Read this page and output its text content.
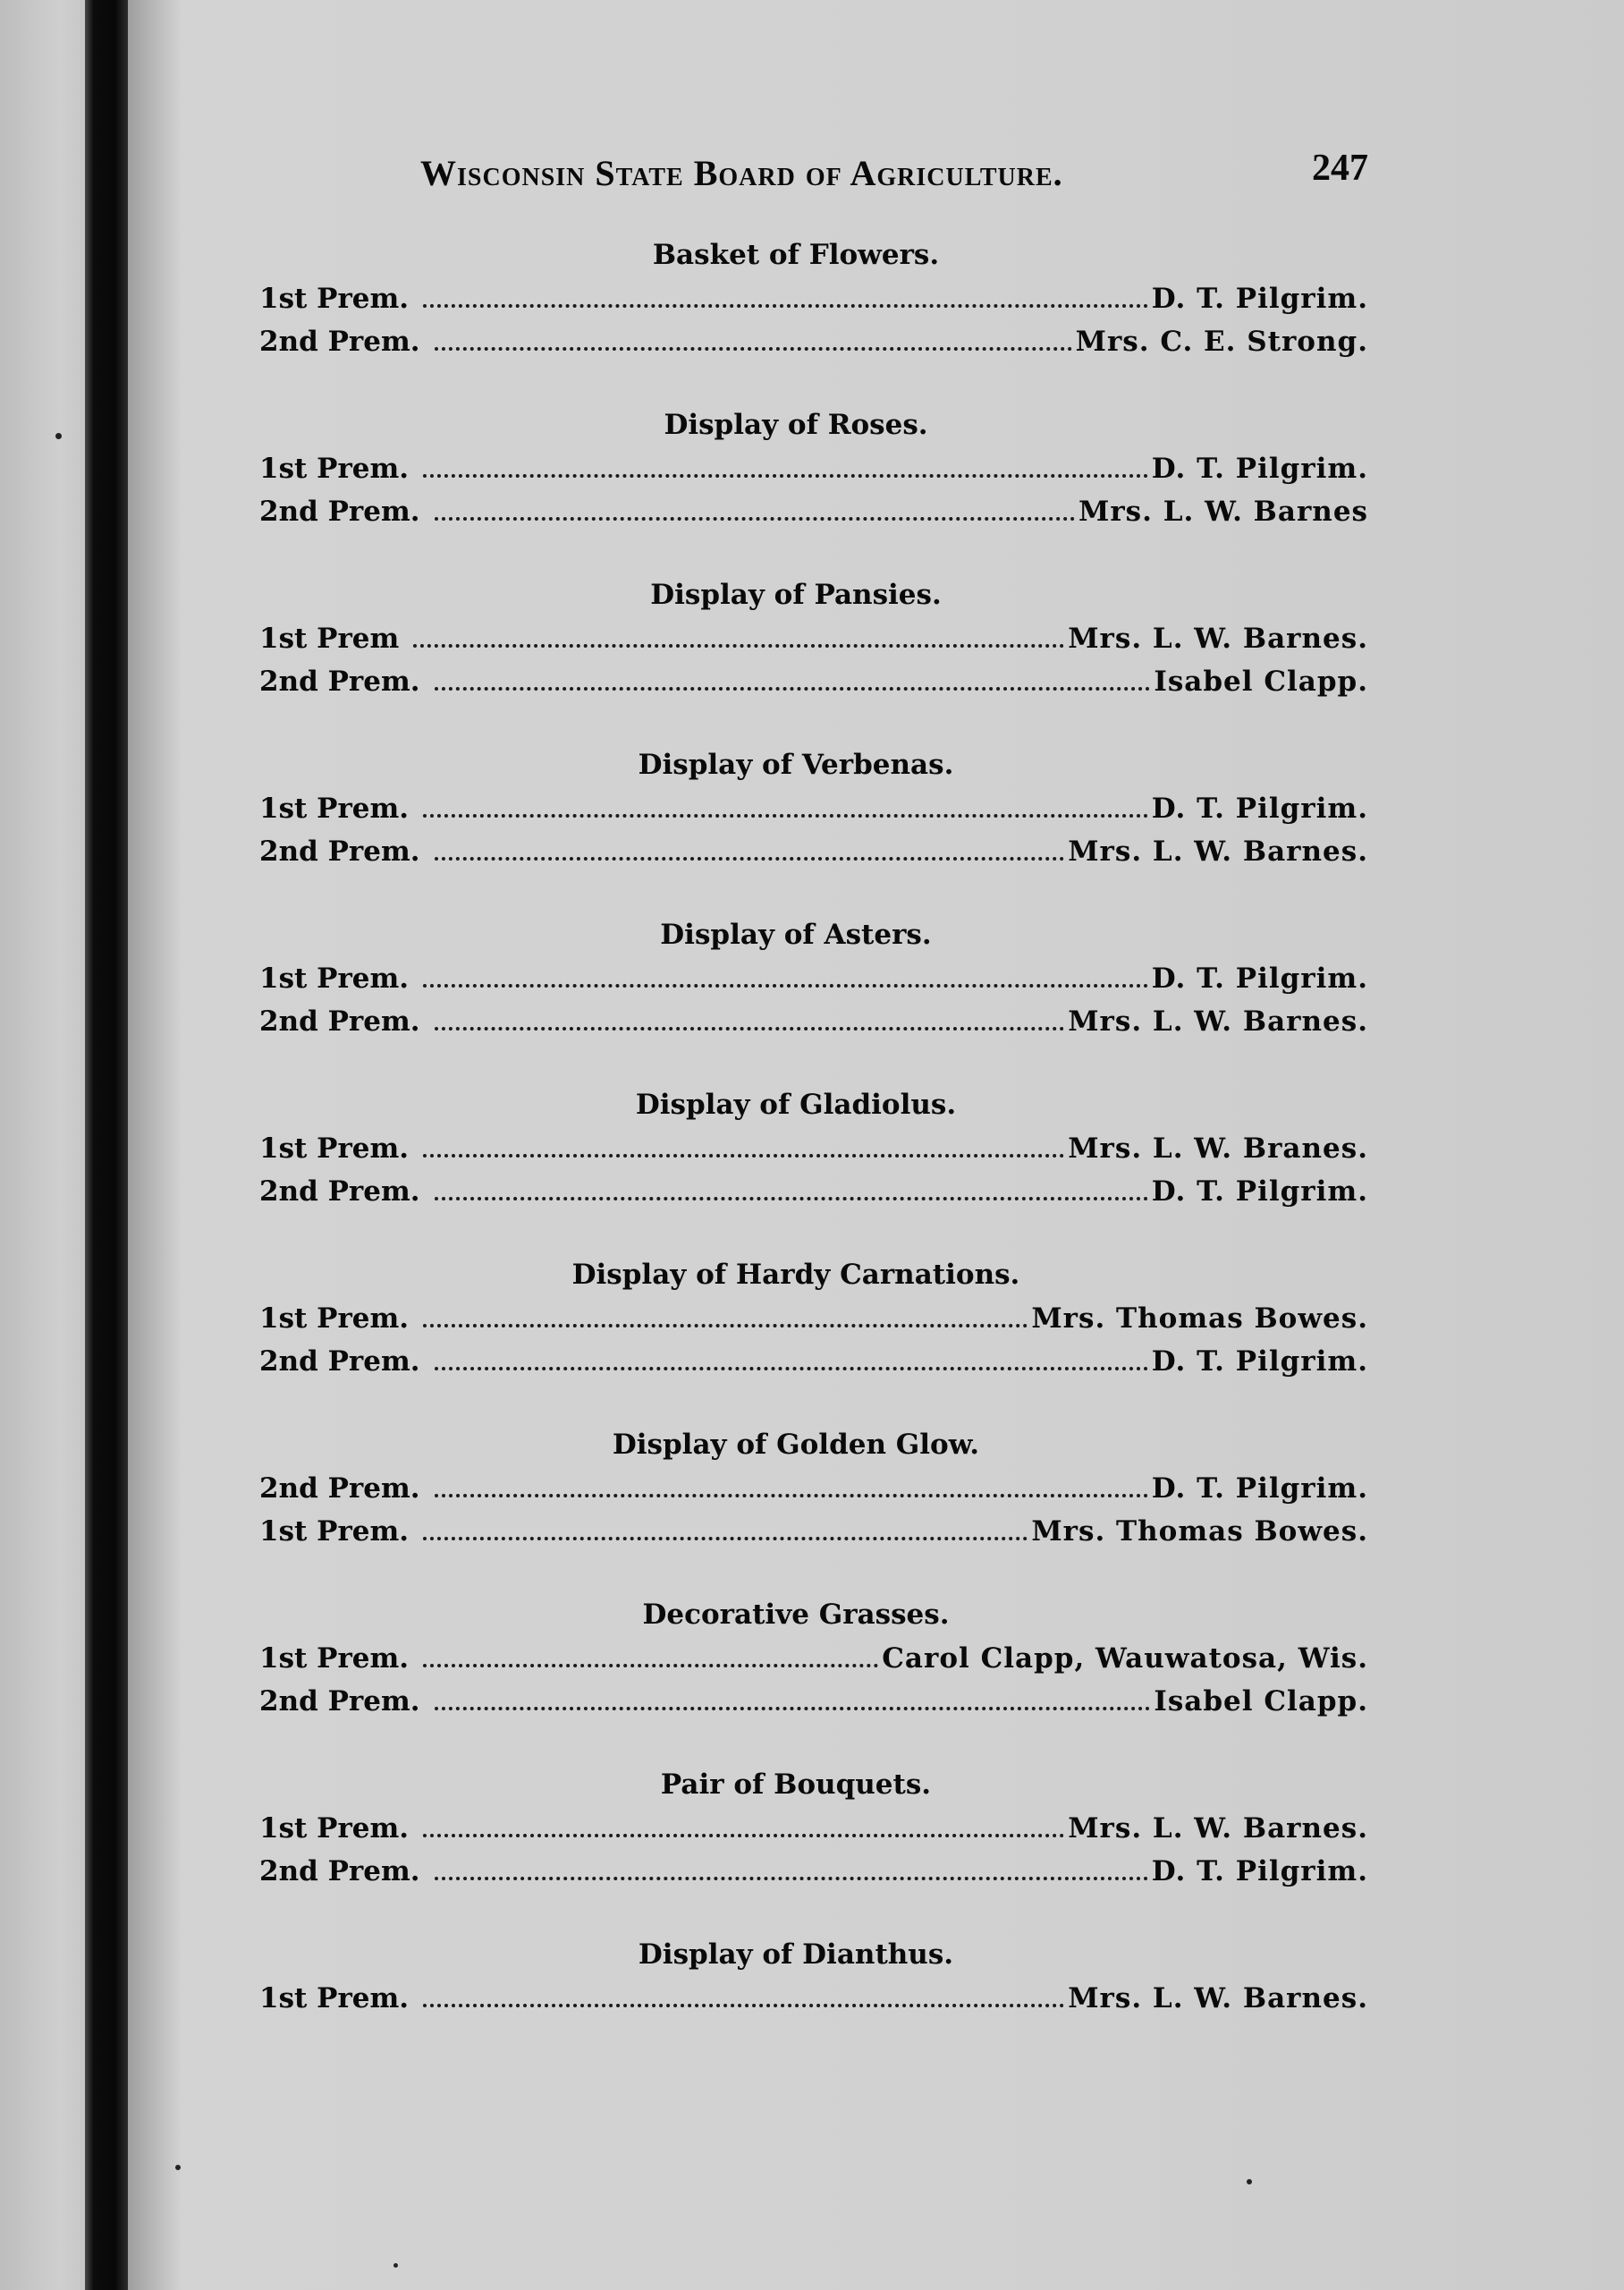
Wisconsin State Board of Agriculture.	247
Basket of Flowers.
1st Prem.	D. T. Pilgrim.
2nd Prem.	Mrs. C. E. Strong.
Display of Roses.
1st Prem.	D. T. Pilgrim.
2nd Prem.	Mrs. L. W. Barnes
Display of Pansies.
1st Prem	Mrs. L. W. Barnes.
2nd Prem.	Isabel Clapp.
Display of Verbenas.
1st Prem.	D. T. Pilgrim.
2nd Prem.	Mrs. L. W. Barnes.
Display of Asters.
1st Prem.	D. T. Pilgrim.
2nd Prem.	Mrs. L. W. Barnes.
Display of Gladiolus.
1st Prem.	Mrs. L. W. Branes.
2nd Prem.	D. T. Pilgrim.
Display of Hardy Carnations.
1st Prem.	Mrs. Thomas Bowes.
2nd Prem.	D. T. Pilgrim.
Display of Golden Glow.
2nd Prem.	D. T. Pilgrim.
1st Prem.	Mrs. Thomas Bowes.
Decorative Grasses.
1st Prem.	Carol Clapp, Wauwatosa, Wis.
2nd Prem.	Isabel Clapp.
Pair of Bouquets.
1st Prem.	Mrs. L. W. Barnes.
2nd Prem.	D. T. Pilgrim.
Display of Dianthus.
1st Prem.	Mrs. L. W. Barnes.
